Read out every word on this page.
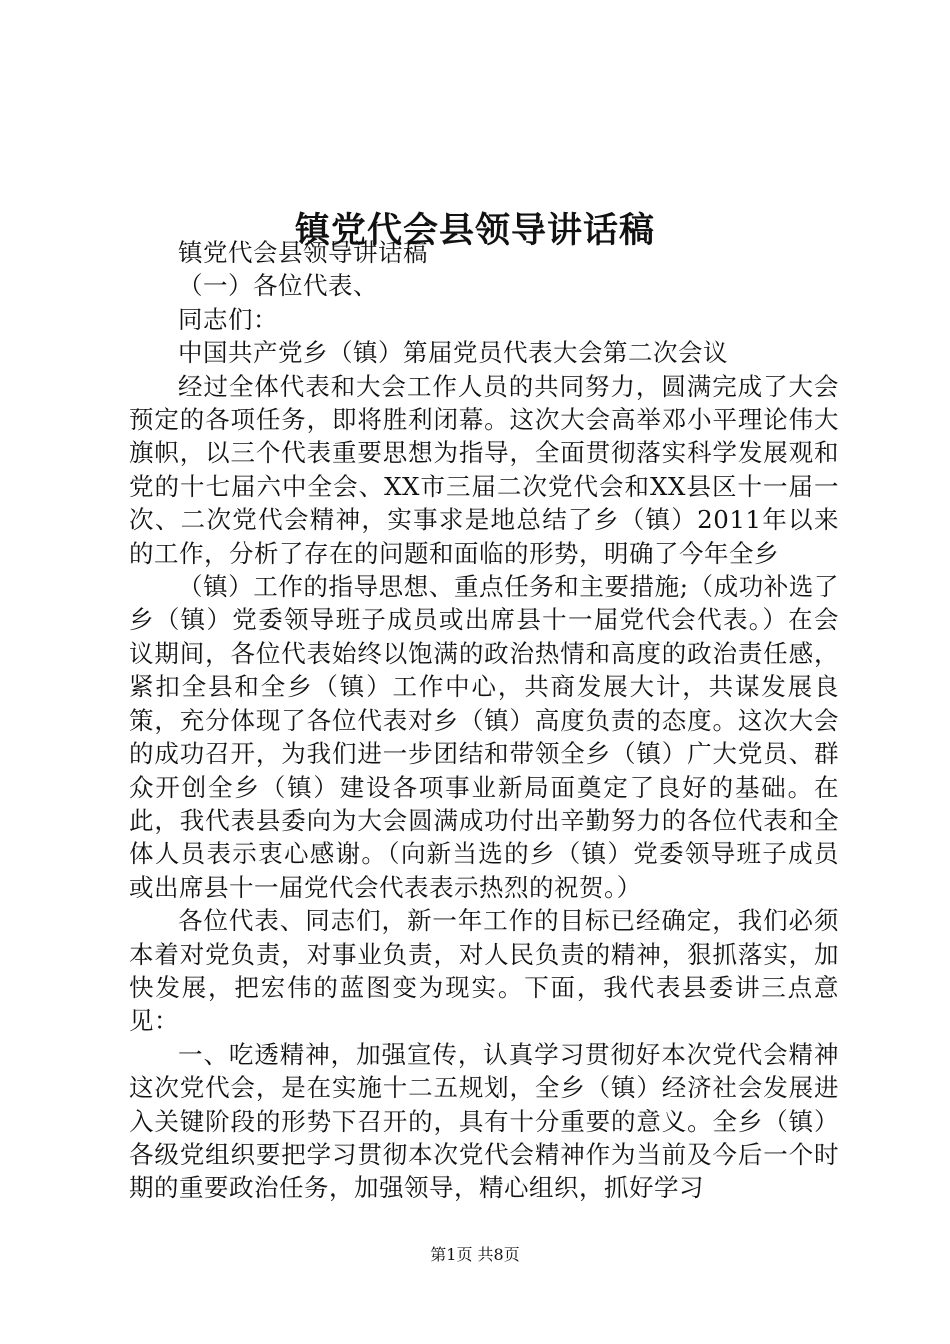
镇党代会县领导讲话稿

镇党代会县领导讲话稿

（一）各位代表、

同志们：

中国共产党乡（镇）第届党员代表大会第二次会议

经过全体代表和大会工作人员的共同努力，圆满完成了大会预定的各项任务，即将胜利闭幕。这次大会高举邓小平理论伟大旗帜，以三个代表重要思想为指导，全面贯彻落实科学发展观和党的十七届六中全会、XX市三届二次党代会和XX县区十一届一次、二次党代会精神，实事求是地总结了乡（镇）2011年以来的工作，分析了存在的问题和面临的形势，明确了今年全乡

（镇）工作的指导思想、重点任务和主要措施;（成功补选了乡（镇）党委领导班子成员或出席县十一届党代会代表。）在会议期间，各位代表始终以饱满的政治热情和高度的政治责任感，紧扣全县和全乡（镇）工作中心，共商发展大计，共谋发展良策，充分体现了各位代表对乡（镇）高度负责的态度。这次大会的成功召开，为我们进一步团结和带领全乡（镇）广大党员、群众开创全乡（镇）建设各项事业新局面奠定了良好的基础。在此，我代表县委向为大会圆满成功付出辛勤努力的各位代表和全体人员表示衷心感谢。（向新当选的乡（镇）党委领导班子成员或出席县十一届党代会代表表示热烈的祝贺。）

各位代表、同志们，新一年工作的目标已经确定，我们必须本着对党负责，对事业负责，对人民负责的精神，狠抓落实，加快发展，把宏伟的蓝图变为现实。下面，我代表县委讲三点意见：

一、吃透精神，加强宣传，认真学习贯彻好本次党代会精神这次党代会，是在实施十二五规划，全乡（镇）经济社会发展进入关键阶段的形势下召开的，具有十分重要的意义。全乡（镇）各级党组织要把学习贯彻本次党代会精神作为当前及今后一个时期的重要政治任务，加强领导，精心组织，抓好学习

第1页 共8页
